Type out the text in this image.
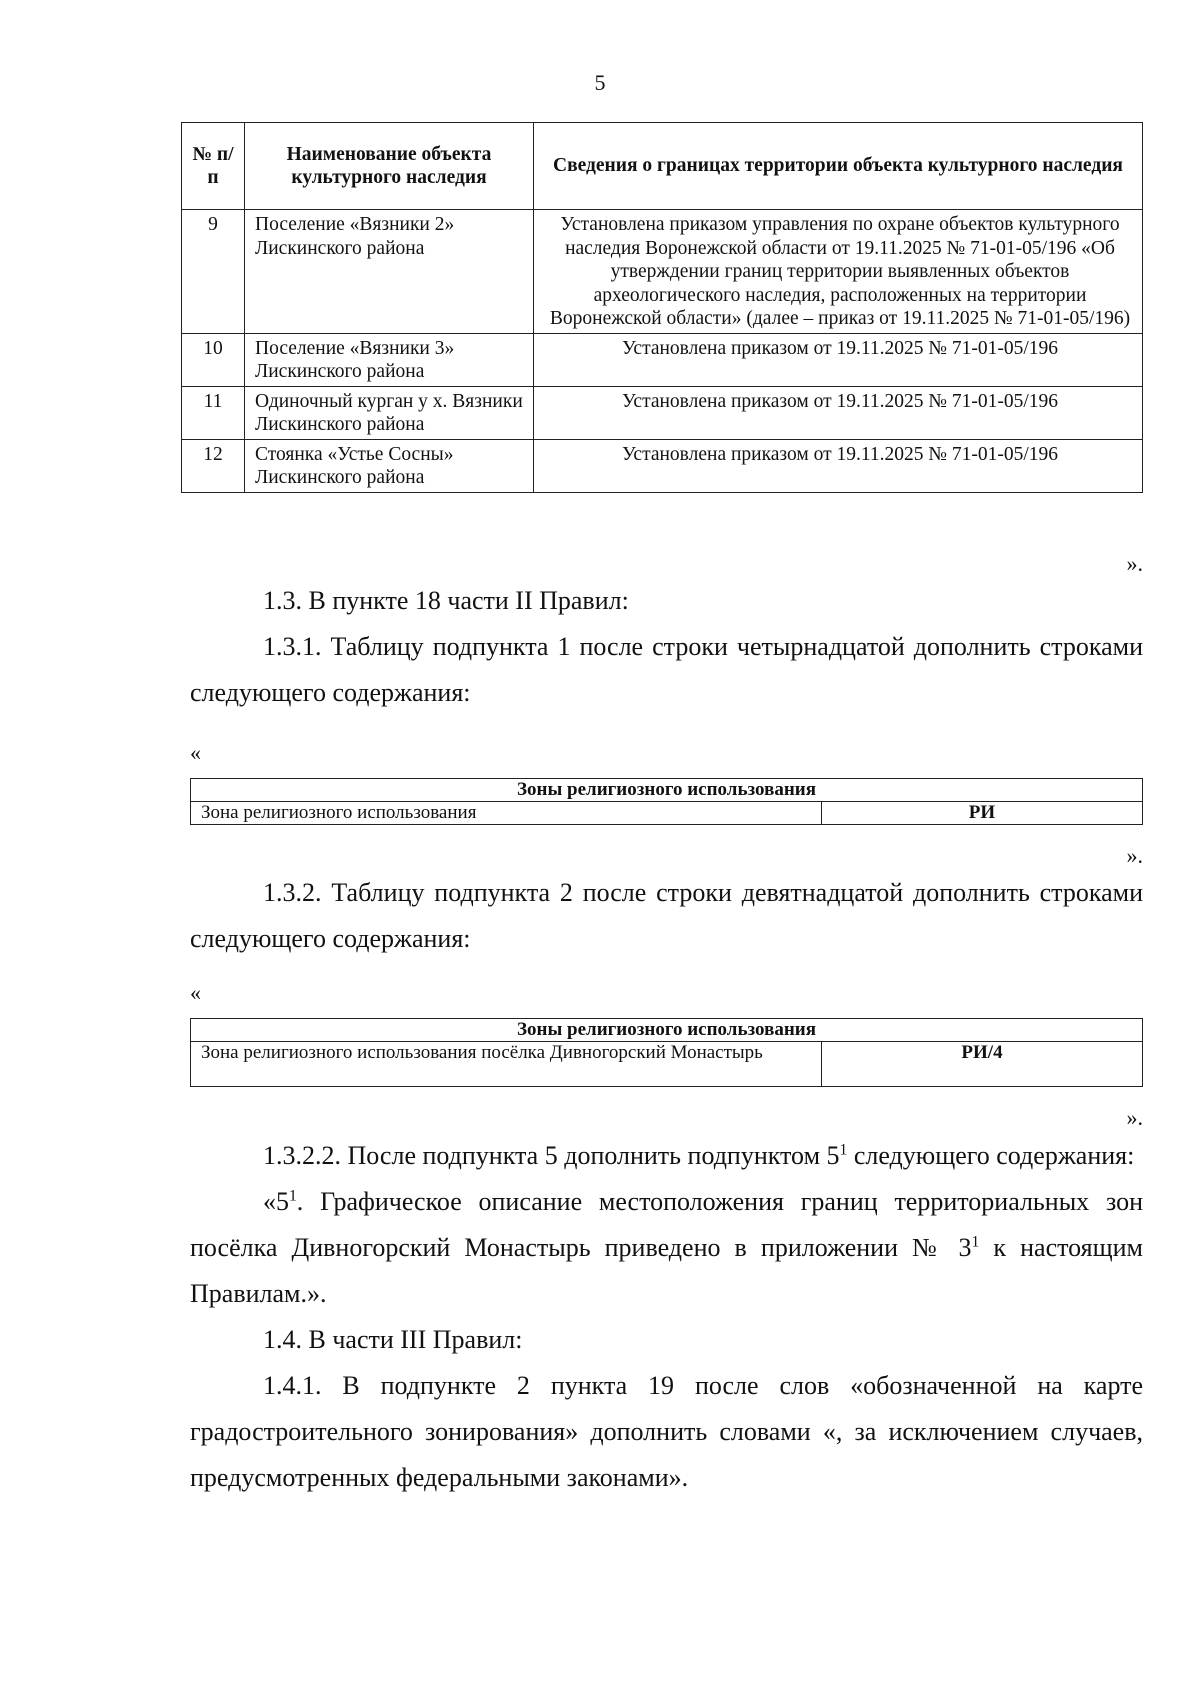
5
№ п/п	Наименование объекта культурного наследия	Сведения о границах территории объекта культурного наследия
9	Поселение «Вязники 2» Лискинского района	Установлена приказом управления по охране объектов культурного наследия Воронежской области от 19.11.2025 № 71-01-05/196 «Об утверждении границ территории выявленных объектов археологического наследия, расположенных на территории Воронежской области» (далее – приказ от 19.11.2025 № 71-01-05/196)
10	Поселение «Вязники 3» Лискинского района	Установлена приказом от 19.11.2025 № 71-01-05/196
11	Одиночный курган у х. Вязники Лискинского района	Установлена приказом от 19.11.2025 № 71-01-05/196
12	Стоянка «Устье Сосны» Лискинского района	Установлена приказом от 19.11.2025 № 71-01-05/196
».

1.3. В пункте 18 части II Правил:

1.3.1. Таблицу подпункта 1 после строки четырнадцатой дополнить строками следующего содержания:

«
Зоны религиозного использования
Зона религиозного использования	РИ
».

1.3.2. Таблицу подпункта 2 после строки девятнадцатой дополнить строками следующего содержания:

«
Зоны религиозного использования
Зона религиозного использования посёлка Дивногорский Монастырь	РИ/4
».

1.3.2.2. После подпункта 5 дополнить подпунктом $5^1$ следующего содержания:

«$5^1$. Графическое описание местоположения границ территориальных зон посёлка Дивногорский Монастырь приведено в приложении № $3^1$ к настоящим Правилам.».

1.4. В части III Правил:

1.4.1. В подпункте 2 пункта 19 после слов «обозначенной на карте градостроительного зонирования» дополнить словами «, за исключением случаев, предусмотренных федеральными законами».
